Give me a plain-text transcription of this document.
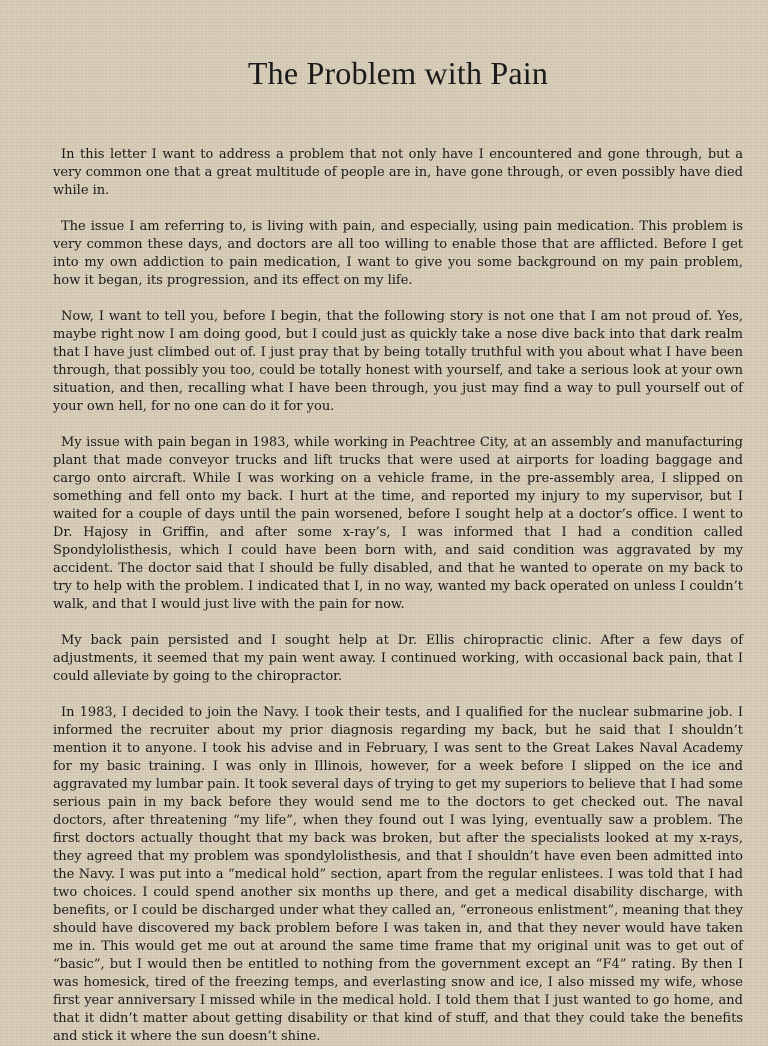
The Problem with Pain

In this letter I want to address a problem that not only have I encountered and gone through, but a very common one that a great multitude of people are in, have gone through, or even possibly have died while in.

The issue I am referring to, is living with pain, and especially, using pain medication. This problem is very common these days, and doctors are all too willing to enable those that are afflicted. Before I get into my own addiction to pain medication, I want to give you some background on my pain problem, how it began, its progression, and its effect on my life.

Now, I want to tell you, before I begin, that the following story is not one that I am not proud of. Yes, maybe right now I am doing good, but I could just as quickly take a nose dive back into that dark realm that I have just climbed out of. I just pray that by being totally truthful with you about what I have been through, that possibly you too, could be totally honest with yourself, and take a serious look at your own situation, and then, recalling what I have been through, you just may find a way to pull yourself out of your own hell, for no one can do it for you.

My issue with pain began in 1983, while working in Peachtree City, at an assembly and manufacturing plant that made conveyor trucks and lift trucks that were used at airports for loading baggage and cargo onto aircraft. While I was working on a vehicle frame, in the pre-assembly area, I slipped on something and fell onto my back. I hurt at the time, and reported my injury to my supervisor, but I waited for a couple of days until the pain worsened, before I sought help at a doctor’s office. I went to Dr. Hajosy in Griffin, and after some x-ray’s, I was informed that I had a condition called Spondylolisthesis, which I could have been born with, and said condition was aggravated by my accident. The doctor said that I should be fully disabled, and that he wanted to operate on my back to try to help with the problem. I indicated that I, in no way, wanted my back operated on unless I couldn’t walk, and that I would just live with the pain for now.

My back pain persisted and I sought help at Dr. Ellis chiropractic clinic. After a few days of adjustments, it seemed that my pain went away. I continued working, with occasional back pain, that I could alleviate by going to the chiropractor.

In 1983, I decided to join the Navy. I took their tests, and I qualified for the nuclear submarine job. I informed the recruiter about my prior diagnosis regarding my back, but he said that I shouldn’t mention it to anyone. I took his advise and in February, I was sent to the Great Lakes Naval Academy for my basic training. I was only in Illinois, however, for a week before I slipped on the ice and aggravated my lumbar pain. It took several days of trying to get my superiors to believe that I had some serious pain in my back before they would send me to the doctors to get checked out. The naval doctors, after threatening “my life”, when they found out I was lying, eventually saw a problem. The first doctors actually thought that my back was broken, but after the specialists looked at my x-rays, they agreed that my problem was spondylolisthesis, and that I shouldn’t have even been admitted into the Navy. I was put into a “medical hold” section, apart from the regular enlistees. I was told that I had two choices. I could spend another six months up there, and get a medical disability discharge, with benefits, or I could be discharged under what they called an, “erroneous enlistment”, meaning that they should have discovered my back problem before I was taken in, and that they never would have taken me in. This would get me out at around the same time frame that my original unit was to get out of “basic”, but I would then be entitled to nothing from the government except an “F4” rating. By then I was homesick, tired of the freezing temps, and everlasting snow and ice, I also missed my wife, whose first year anniversary I missed while in the medical hold. I told them that I just wanted to go home, and that it didn’t matter about getting disability or that kind of stuff, and that they could take the benefits and stick it where the sun doesn’t shine.
